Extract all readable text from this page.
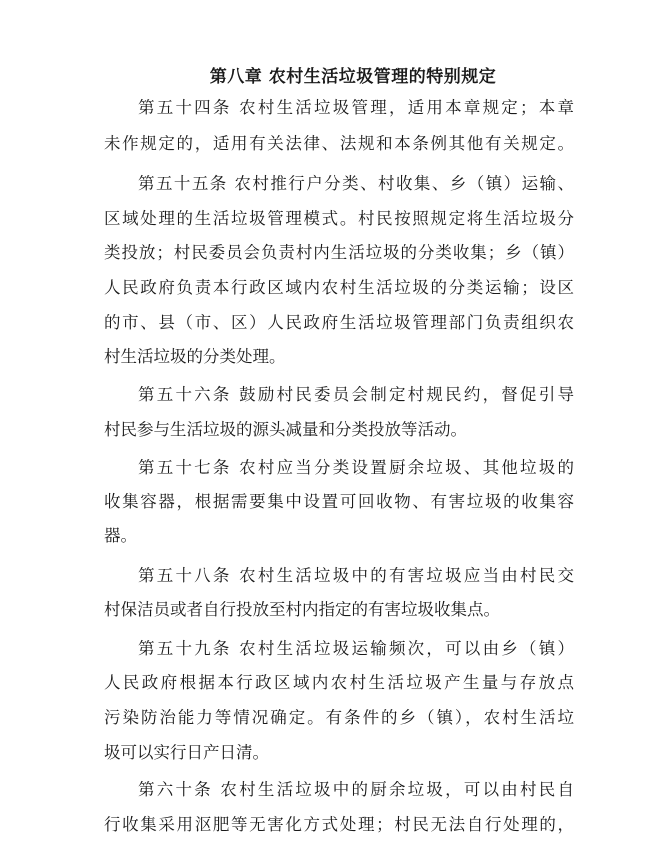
第八章 农村生活垃圾管理的特别规定
第五十四条 农村生活垃圾管理，适用本章规定；本章
未作规定的，适用有关法律、法规和本条例其他有关规定。
第五十五条 农村推行户分类、村收集、乡（镇）运输、
区域处理的生活垃圾管理模式。村民按照规定将生活垃圾分
类投放；村民委员会负责村内生活垃圾的分类收集；乡（镇）
人民政府负责本行政区域内农村生活垃圾的分类运输；设区
的市、县（市、区）人民政府生活垃圾管理部门负责组织农
村生活垃圾的分类处理。
第五十六条 鼓励村民委员会制定村规民约，督促引导
村民参与生活垃圾的源头减量和分类投放等活动。
第五十七条 农村应当分类设置厨余垃圾、其他垃圾的
收集容器，根据需要集中设置可回收物、有害垃圾的收集容
器。
第五十八条 农村生活垃圾中的有害垃圾应当由村民交
村保洁员或者自行投放至村内指定的有害垃圾收集点。
第五十九条 农村生活垃圾运输频次，可以由乡（镇）
人民政府根据本行政区域内农村生活垃圾产生量与存放点
污染防治能力等情况确定。有条件的乡（镇），农村生活垃
圾可以实行日产日清。
第六十条 农村生活垃圾中的厨余垃圾，可以由村民自
行收集采用沤肥等无害化方式处理；村民无法自行处理的，
